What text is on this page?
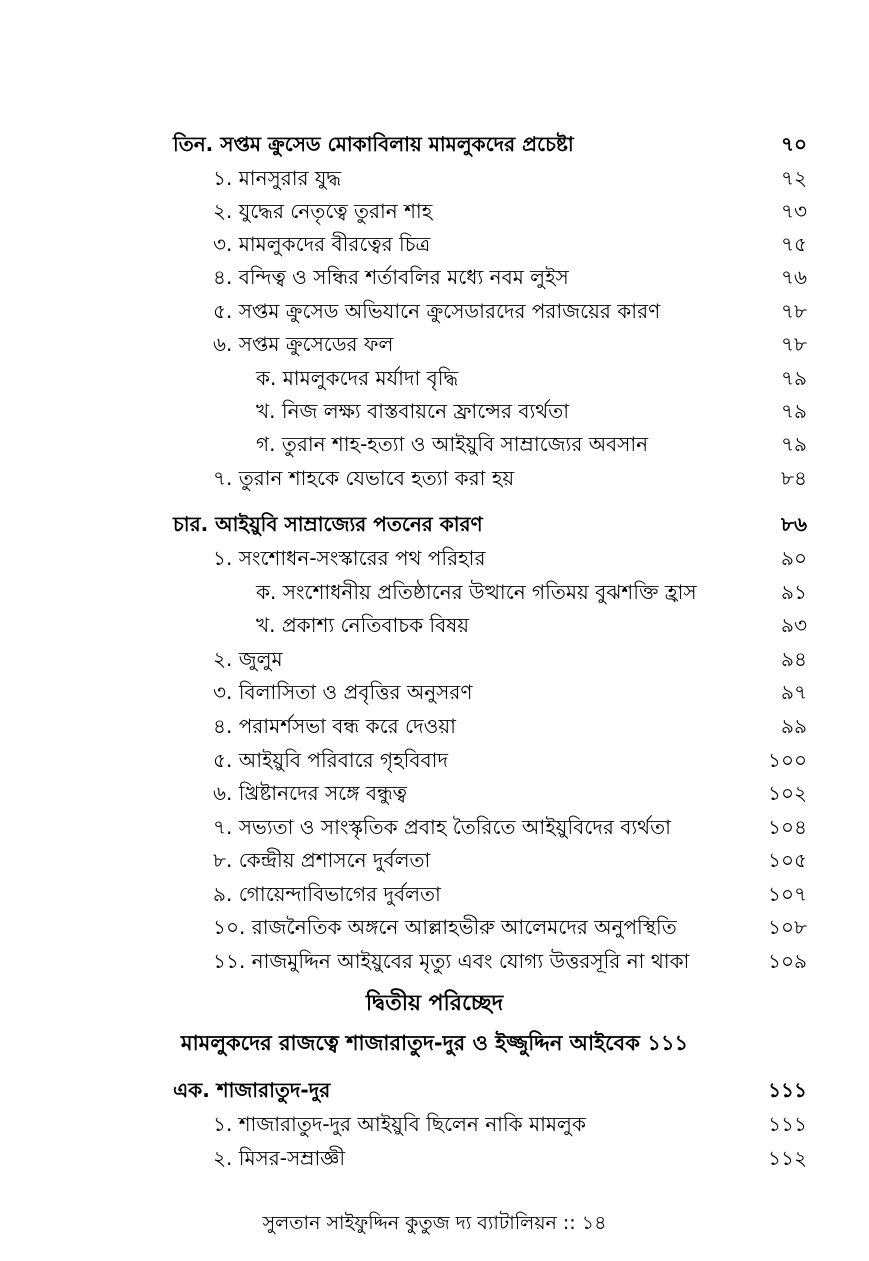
তিন. সপ্তম ক্রুসেড মোকাবিলায় মামলুকদের প্রচেষ্টা	৭০
১. মানসুরার যুদ্ধ	৭২
২. যুদ্ধের নেতৃত্বে তুরান শাহ	৭৩
৩. মামলুকদের বীরত্বের চিত্র	৭৫
৪. বন্দিত্ব ও সন্ধির শর্তাবলির মধ্যে নবম লুইস	৭৬
৫. সপ্তম ক্রুসেড অভিযানে ক্রুসেডারদের পরাজয়ের কারণ	৭৮
৬. সপ্তম ক্রুসেডের ফল	৭৮
ক. মামলুকদের মর্যাদা বৃদ্ধি	৭৯
খ. নিজ লক্ষ্য বাস্তবায়নে ফ্রান্সের ব্যর্থতা	৭৯
গ. তুরান শাহ-হত্যা ও আইয়ুবি সাম্রাজ্যের অবসান	৭৯
৭. তুরান শাহকে যেভাবে হত্যা করা হয়	৮৪
চার. আইয়ুবি সাম্রাজ্যের পতনের কারণ	৮৬
১. সংশোধন-সংস্কারের পথ পরিহার	৯০
ক. সংশোধনীয় প্রতিষ্ঠানের উত্থানে গতিময় বুঝশক্তি হ্রাস	৯১
খ. প্রকাশ্য নেতিবাচক বিষয়	৯৩
২. জুলুম	৯৪
৩. বিলাসিতা ও প্রবৃত্তির অনুসরণ	৯৭
৪. পরামর্শসভা বন্ধ করে দেওয়া	৯৯
৫. আইয়ুবি পরিবারে গৃহবিবাদ	১০০
৬. খ্রিষ্টানদের সঙ্গে বন্ধুত্ব	১০২
৭. সভ্যতা ও সাংস্কৃতিক প্রবাহ তৈরিতে আইয়ুবিদের ব্যর্থতা	১০৪
৮. কেন্দ্রীয় প্রশাসনে দুর্বলতা	১০৫
৯. গোয়েন্দাবিভাগের দুর্বলতা	১০৭
১০. রাজনৈতিক অঙ্গনে আল্লাহভীরু আলেমদের অনুপস্থিতি	১০৮
১১. নাজমুদ্দিন আইয়ুবের মৃত্যু এবং যোগ্য উত্তরসূরি না থাকা	১০৯
দ্বিতীয় পরিচ্ছেদ
মামলুকদের রাজত্বে শাজারাতুদ-দুর ও ইজ্জুদ্দিন আইবেক ১১১
এক. শাজারাতুদ-দুর	১১১
১. শাজারাতুদ-দুর আইয়ুবি ছিলেন নাকি মামলুক	১১১
২. মিসর-সম্রাজ্ঞী	১১২
সুলতান সাইফুদ্দিন কুতুজ দ্য ব্যাটালিয়ন :: ১৪
